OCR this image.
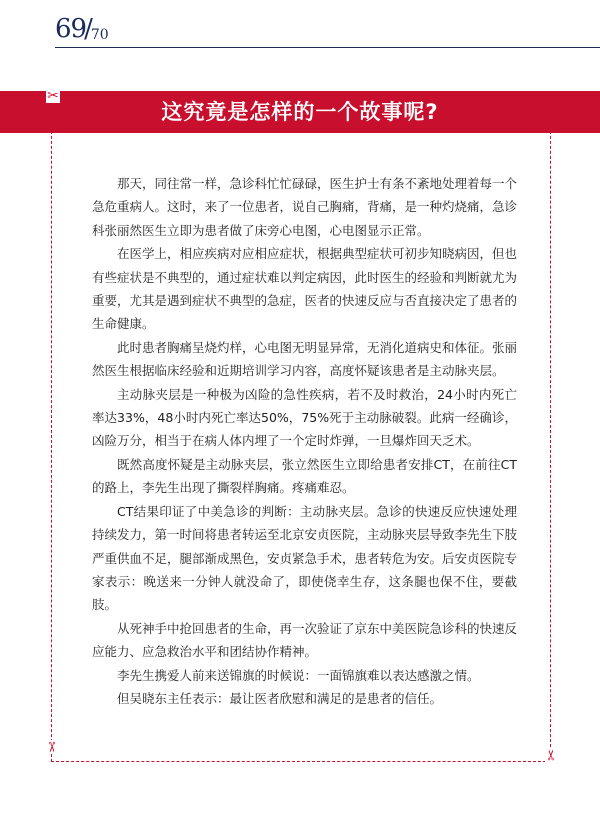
69
/
70
这究竟是怎样的一个故事呢?
✂
✂
✂

那天，同往常一样，急诊科忙忙碌碌，医生护士有条不紊地处理着每一个急危重病人。这时，来了一位患者，说自己胸痛，背痛，是一种灼烧痛，急诊科张丽然医生立即为患者做了床旁心电图，心电图显示正常。

在医学上，相应疾病对应相应症状，根据典型症状可初步知晓病因，但也有些症状是不典型的，通过症状难以判定病因，此时医生的经验和判断就尤为重要，尤其是遇到症状不典型的急症，医者的快速反应与否直接决定了患者的生命健康。

此时患者胸痛呈烧灼样，心电图无明显异常，无消化道病史和体征。张丽然医生根据临床经验和近期培训学习内容，高度怀疑该患者是主动脉夹层。

主动脉夹层是一种极为凶险的急性疾病，若不及时救治，24小时内死亡率达33%，48小时内死亡率达50%，75%死于主动脉破裂。此病一经确诊，凶险万分，相当于在病人体内埋了一个定时炸弹，一旦爆炸回天乏术。

既然高度怀疑是主动脉夹层，张立然医生立即给患者安排CT，在前往CT的路上，李先生出现了撕裂样胸痛。疼痛难忍。

CT结果印证了中美急诊的判断：主动脉夹层。急诊的快速反应快速处理持续发力，第一时间将患者转运至北京安贞医院，主动脉夹层导致李先生下肢严重供血不足，腿部渐成黑色，安贞紧急手术，患者转危为安。后安贞医院专家表示：晚送来一分钟人就没命了，即使侥幸生存，这条腿也保不住，要截肢。

从死神手中抢回患者的生命，再一次验证了京东中美医院急诊科的快速反应能力、应急救治水平和团结协作精神。

李先生携爱人前来送锦旗的时候说：一面锦旗难以表达感激之情。

但吴晓东主任表示：最让医者欣慰和满足的是患者的信任。
